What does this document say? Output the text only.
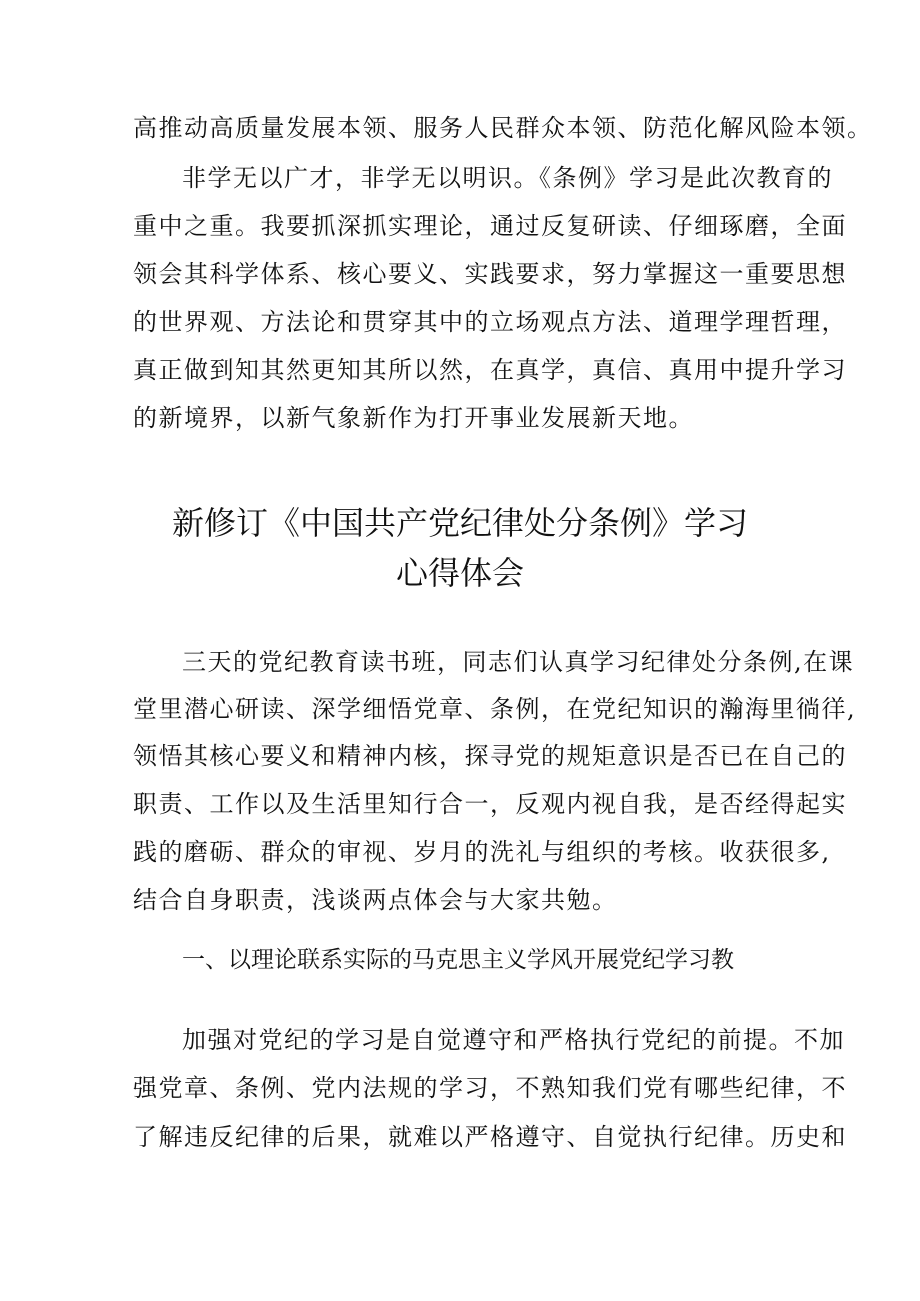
高推动高质量发展本领、服务人民群众本领、防范化解风险本领。

非学无以广才，非学无以明识。《条例》学习是此次教育的

重中之重。我要抓深抓实理论，通过反复研读、仔细琢磨，全面

领会其科学体系、核心要义、实践要求，努力掌握这一重要思想

的世界观、方法论和贯穿其中的立场观点方法、道理学理哲理，

真正做到知其然更知其所以然，在真学，真信、真用中提升学习

的新境界，以新气象新作为打开事业发展新天地。

新修订《中国共产党纪律处分条例》学习
心得体会

三天的党纪教育读书班，同志们认真学习纪律处分条例,在课

堂里潜心研读、深学细悟党章、条例，在党纪知识的瀚海里徜徉,

领悟其核心要义和精神内核，探寻党的规矩意识是否已在自己的

职责、工作以及生活里知行合一，反观内视自我，是否经得起实

践的磨砺、群众的审视、岁月的洗礼与组织的考核。收获很多,

结合自身职责，浅谈两点体会与大家共勉。

一、以理论联系实际的马克思主义学风开展党纪学习教

加强对党纪的学习是自觉遵守和严格执行党纪的前提。不加

强党章、条例、党内法规的学习，不熟知我们党有哪些纪律，不

了解违反纪律的后果，就难以严格遵守、自觉执行纪律。历史和
